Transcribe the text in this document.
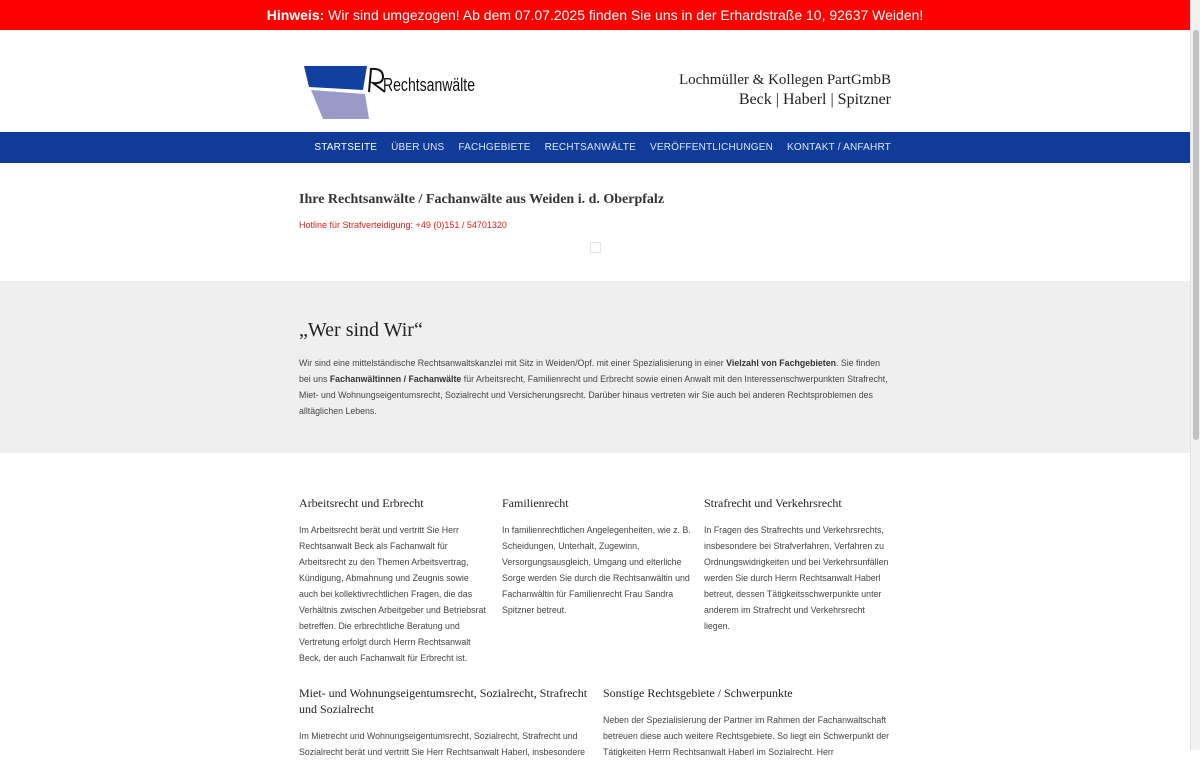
Hinweis: Wir sind umgezogen! Ab dem 07.07.2025 finden Sie uns in der Erhardstraße 10, 92637 Weiden!
Rechtsanwälte	Lochmüller & Kollegen PartGmbB
Beck | Haberl | Spitzner
STARTSEITE ÜBER UNS FACHGEBIETE RECHTSANWÄLTE VERÖFFENTLICHUNGEN KONTAKT / ANFAHRT
Ihre Rechtsanwälte / Fachanwälte aus Weiden i. d. Oberpfalz
Hotline für Strafverteidigung: +49 (0)151 / 54701320
„Wer sind Wir“

Wir sind eine mittelständische Rechtsanwaltskanzlei mit Sitz in Weiden/Opf. mit einer Spezialisierung in einer Vielzahl von Fachgebieten. Sie finden bei uns Fachanwältinnen / Fachanwälte für Arbeitsrecht, Familienrecht und Erbrecht sowie einen Anwalt mit den Interessenschwerpunkten Strafrecht, Miet- und Wohnungseigentumsrecht, Sozialrecht und Versicherungsrecht. Darüber hinaus vertreten wir Sie auch bei anderen Rechtsproblemen des alltäglichen Lebens.

Arbeitsrecht und Erbrecht

Im Arbeitsrecht berät und vertritt Sie Herr Rechtsanwalt Beck als Fachanwalt für Arbeitsrecht zu den Themen Arbeitsvertrag, Kündigung, Abmahnung und Zeugnis sowie auch bei kollektivrechtlichen Fragen, die das Verhältnis zwischen Arbeitgeber und Betriebsrat betreffen. Die erbrechtliche Beratung und Vertretung erfolgt durch Herrn Rechtsanwalt Beck, der auch Fachanwalt für Erbrecht ist.

Familienrecht

In familienrechtlichen Angelegenheiten, wie z. B. Scheidungen, Unterhalt, Zugewinn, Versorgungsausgleich, Umgang und elterliche Sorge werden Sie durch die Rechtsanwältin und Fachanwältin für Familienrecht Frau Sandra Spitzner betreut.

Strafrecht und Verkehrsrecht

In Fragen des Strafrechts und Verkehrsrechts, insbesondere bei Strafverfahren, Verfahren zu Ordnungswidrigkeiten und bei Verkehrsunfällen werden Sie durch Herrn Rechtsanwalt Haberl betreut, dessen Tätigkeitsschwerpunkte unter anderem im Strafrecht und Verkehrsrecht liegen.

Miet- und Wohnungseigentumsrecht, Sozialrecht, Strafrecht und Sozialrecht

Im Mietrecht und Wohnungseigentumsrecht, Sozialrecht, Strafrecht und Sozialrecht berät und vertritt Sie Herr Rechtsanwalt Haberl, insbesondere

Sonstige Rechtsgebiete / Schwerpunkte

Neben der Spezialisierung der Partner im Rahmen der Fachanwaltschaft betreuen diese auch weitere Rechtsgebiete. So liegt ein Schwerpunkt der Tätigkeiten Herrn Rechtsanwalt Haberl im Sozialrecht. Herr
